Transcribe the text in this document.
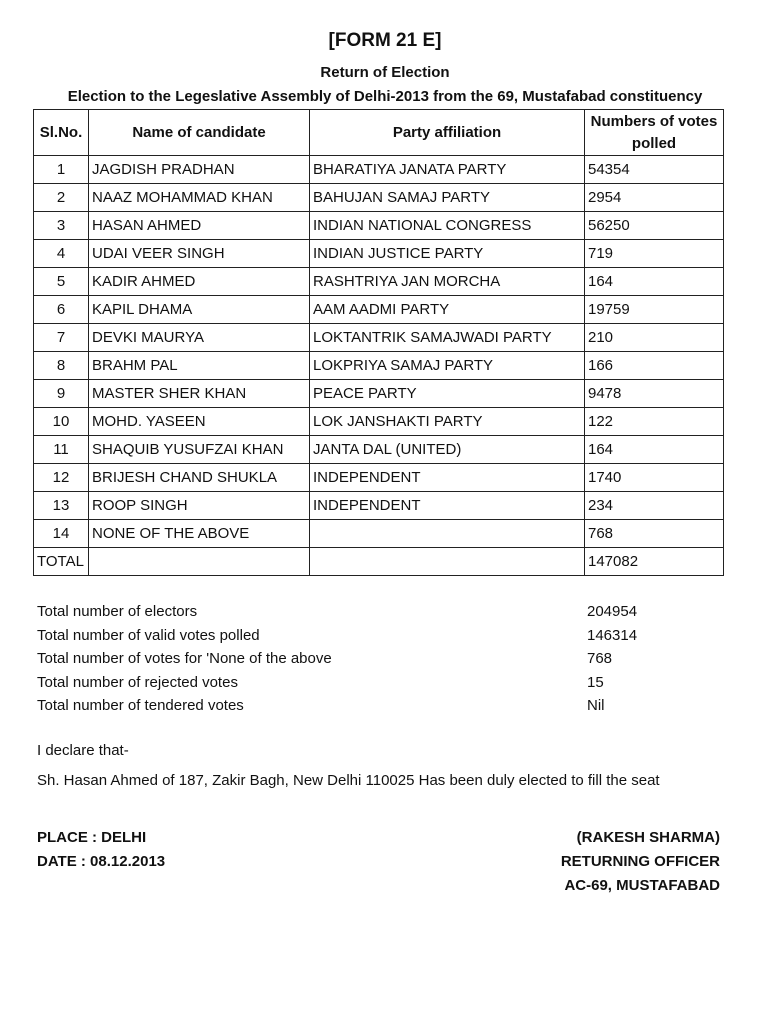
[FORM 21 E]
Return of Election
Election to the Legeslative Assembly of Delhi-2013 from the 69, Mustafabad constituency
Sl.No.	Name of candidate	Party affiliation	Numbers of votes polled
1	JAGDISH PRADHAN	BHARATIYA JANATA PARTY	54354
2	NAAZ MOHAMMAD KHAN	BAHUJAN SAMAJ PARTY	2954
3	HASAN AHMED	INDIAN NATIONAL CONGRESS	56250
4	UDAI VEER SINGH	INDIAN JUSTICE PARTY	719
5	KADIR AHMED	RASHTRIYA JAN MORCHA	164
6	KAPIL DHAMA	AAM AADMI PARTY	19759
7	DEVKI MAURYA	LOKTANTRIK SAMAJWADI PARTY	210
8	BRAHM PAL	LOKPRIYA SAMAJ PARTY	166
9	MASTER SHER KHAN	PEACE PARTY	9478
10	MOHD. YASEEN	LOK JANSHAKTI PARTY	122
11	SHAQUIB YUSUFZAI KHAN	JANTA DAL (UNITED)	164
12	BRIJESH CHAND SHUKLA	INDEPENDENT	1740
13	ROOP SINGH	INDEPENDENT	234
14	NONE OF THE ABOVE		768
TOTAL			147082
Total number of electors	204954
Total number of valid votes polled	146314
Total number of votes for 'None of the above	768
Total number of rejected votes	15
Total number of tendered votes	Nil
I declare that-
Sh. Hasan Ahmed of 187, Zakir Bagh, New Delhi 110025 Has been duly elected to fill the seat
PLACE : DELHI
DATE : 08.12.2013
(RAKESH SHARMA)
RETURNING OFFICER
AC-69, MUSTAFABAD
